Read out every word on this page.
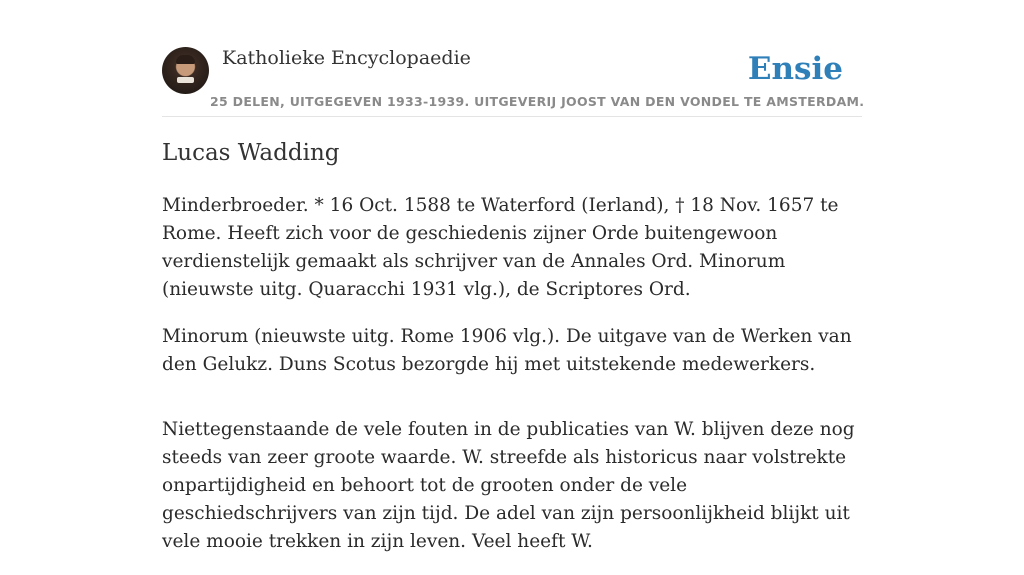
Katholieke Encyclopaedie
25 DELEN, UITGEGEVEN 1933-1939. UITGEVERIJ JOOST VAN DEN VONDEL TE AMSTERDAM.
Ensie
Lucas Wadding

Minderbroeder. * 16 Oct. 1588 te Waterford (Ierland), † 18 Nov. 1657 te Rome. Heeft zich voor de geschiedenis zijner Orde buitengewoon verdienstelijk gemaakt als schrijver van de Annales Ord. Minorum (nieuwste uitg. Quaracchi 1931 vlg.), de Scriptores Ord.

Minorum (nieuwste uitg. Rome 1906 vlg.). De uitgave van de Werken van den Gelukz. Duns Scotus bezorgde hij met uitstekende medewerkers.

Niettegenstaande de vele fouten in de publicaties van W. blijven deze nog steeds van zeer groote waarde. W. streefde als historicus naar volstrekte onpartijdigheid en behoort tot de grooten onder de vele geschiedschrijvers van zijn tijd. De adel van zijn persoonlijkheid blijkt uit vele mooie trekken in zijn leven. Veel heeft W.
